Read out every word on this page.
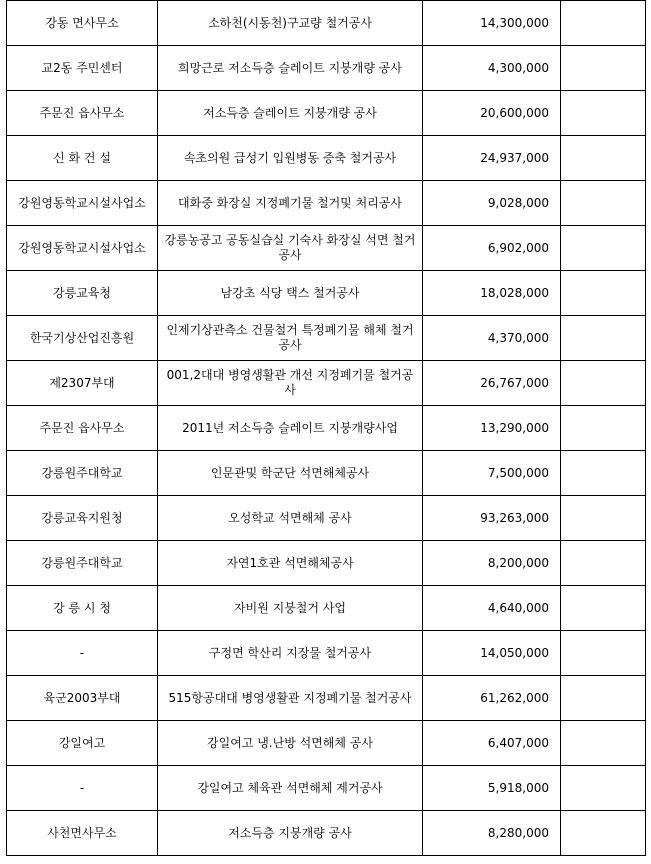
강동 면사무소	소하천(시동천)구교량 철거공사	14,300,000	
교2동 주민센터	희망근로 저소득층 슬레이트 지붕개량 공사	4,300,000	
주문진 읍사무소	저소득층 슬레이트 지붕개량 공사	20,600,000	
신 화 건 설	속초의원 급성기 입원병동 증축 철거공사	24,937,000	
강원영동학교시설사업소	대화중 화장실 지정폐기물 철거및 처리공사	9,028,000	
강원영동학교시설사업소	강릉농공고 공동실습실 기숙사 화장실 석면 철거공사	6,902,000	
강릉교육청	남강초 식당 택스 철거공사	18,028,000	
한국기상산업진흥원	인제기상관측소 건물철거 특정폐기물 해체 철거공사	4,370,000	
제2307부대	001,2대대 병영생활관 개선 지정폐기물 철거공사	26,767,000	
주문진 읍사무소	2011년 저소득층 슬레이트 지붕개량사업	13,290,000	
강릉원주대학교	인문관및 학군단 석면해체공사	7,500,000	
강릉교육지원청	오성학교 석면해체 공사	93,263,000	
강릉원주대학교	자연1호관 석면해체공사	8,200,000	
강 릉 시 청	자비원 지붕철거 사업	4,640,000	
-	구정면 학산리 지장물 철거공사	14,050,000	
육군2003부대	515항공대대 병영생활관 지정폐기물 철거공사	61,262,000	
강일여고	강일여고 냉.난방 석면해체 공사	6,407,000	
-	강일여고 체육관 석면해체 제거공사	5,918,000	
사천면사무소	저소득층 지붕개량 공사	8,280,000	
